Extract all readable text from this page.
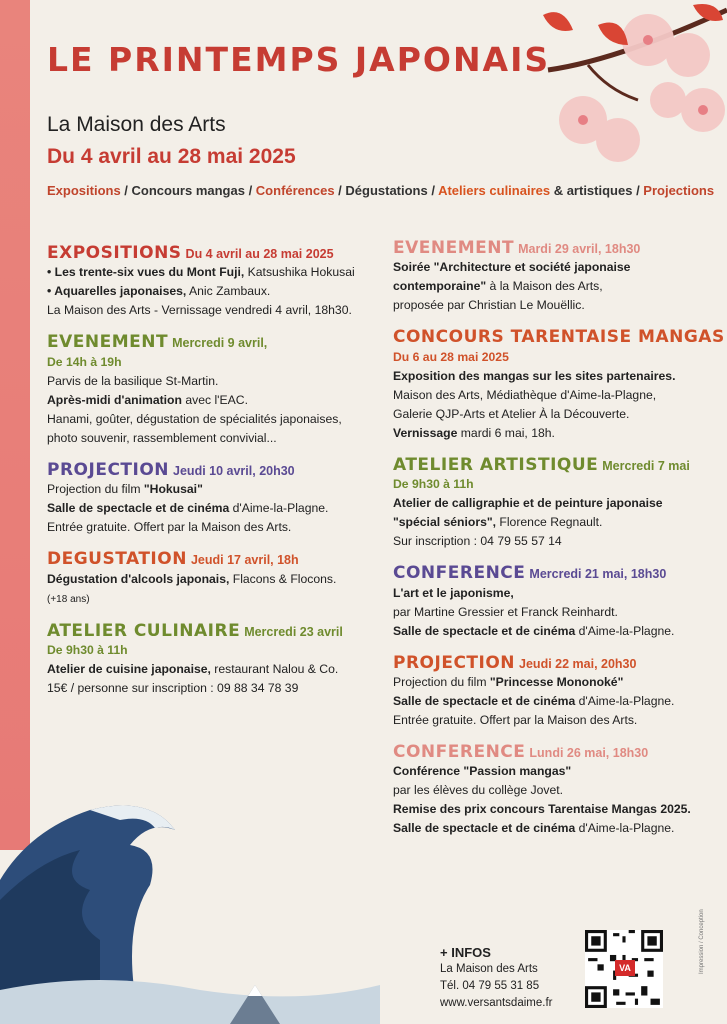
LE PRINTEMPS JAPONAIS
La Maison des Arts
Du 4 avril au 28 mai 2025
Expositions / Concours mangas / Conférences / Dégustations / Ateliers culinaires & artistiques / Projections
EXPOSITIONS Du 4 avril au 28 mai 2025
• Les trente-six vues du Mont Fuji, Katsushika Hokusai
• Aquarelles japonaises, Anic Zambaux.
La Maison des Arts - Vernissage vendredi 4 avril, 18h30.
EVENEMENT Mercredi 9 avril,
De 14h à 19h
Parvis de la basilique St-Martin.
Après-midi d'animation avec l'EAC.
Hanami, goûter, dégustation de spécialités japonaises,
photo souvenir, rassemblement convivial...
PROJECTION Jeudi 10 avril, 20h30
Projection du film "Hokusai"
Salle de spectacle et de cinéma d'Aime-la-Plagne.
Entrée gratuite. Offert par la Maison des Arts.
DEGUSTATION Jeudi 17 avril, 18h
Dégustation d'alcools japonais, Flacons & Flocons.
(+18 ans)
ATELIER CULINAIRE Mercredi 23 avril
De 9h30 à 11h
Atelier de cuisine japonaise, restaurant Nalou & Co.
15€ / personne sur inscription : 09 88 34 78 39
EVENEMENT Mardi 29 avril, 18h30
Soirée "Architecture et société japonaise
contemporaine" à la Maison des Arts,
proposée par Christian Le Mouëllic.
CONCOURS TARENTAISE MANGAS
Du 6 au 28 mai 2025
Exposition des mangas sur les sites partenaires.
Maison des Arts, Médiathèque d'Aime-la-Plagne,
Galerie QJP-Arts et Atelier À la Découverte.
Vernissage mardi 6 mai, 18h.
ATELIER ARTISTIQUE Mercredi 7 mai
De 9h30 à 11h
Atelier de calligraphie et de peinture japonaise
"spécial séniors", Florence Regnault.
Sur inscription : 04 79 55 57 14
CONFERENCE Mercredi 21 mai, 18h30
L'art et le japonisme,
par Martine Gressier et Franck Reinhardt.
Salle de spectacle et de cinéma d'Aime-la-Plagne.
PROJECTION Jeudi 22 mai, 20h30
Projection du film "Princesse Mononoké"
Salle de spectacle et de cinéma d'Aime-la-Plagne.
Entrée gratuite. Offert par la Maison des Arts.
CONFERENCE Lundi 26 mai, 18h30
Conférence "Passion mangas"
par les élèves du collège Jovet.
Remise des prix concours Tarentaise Mangas 2025.
Salle de spectacle et de cinéma d'Aime-la-Plagne.
+ INFOS
La Maison des Arts
Tél. 04 79 55 31 85
www.versantsdaime.fr
VA	Impression / Conception
